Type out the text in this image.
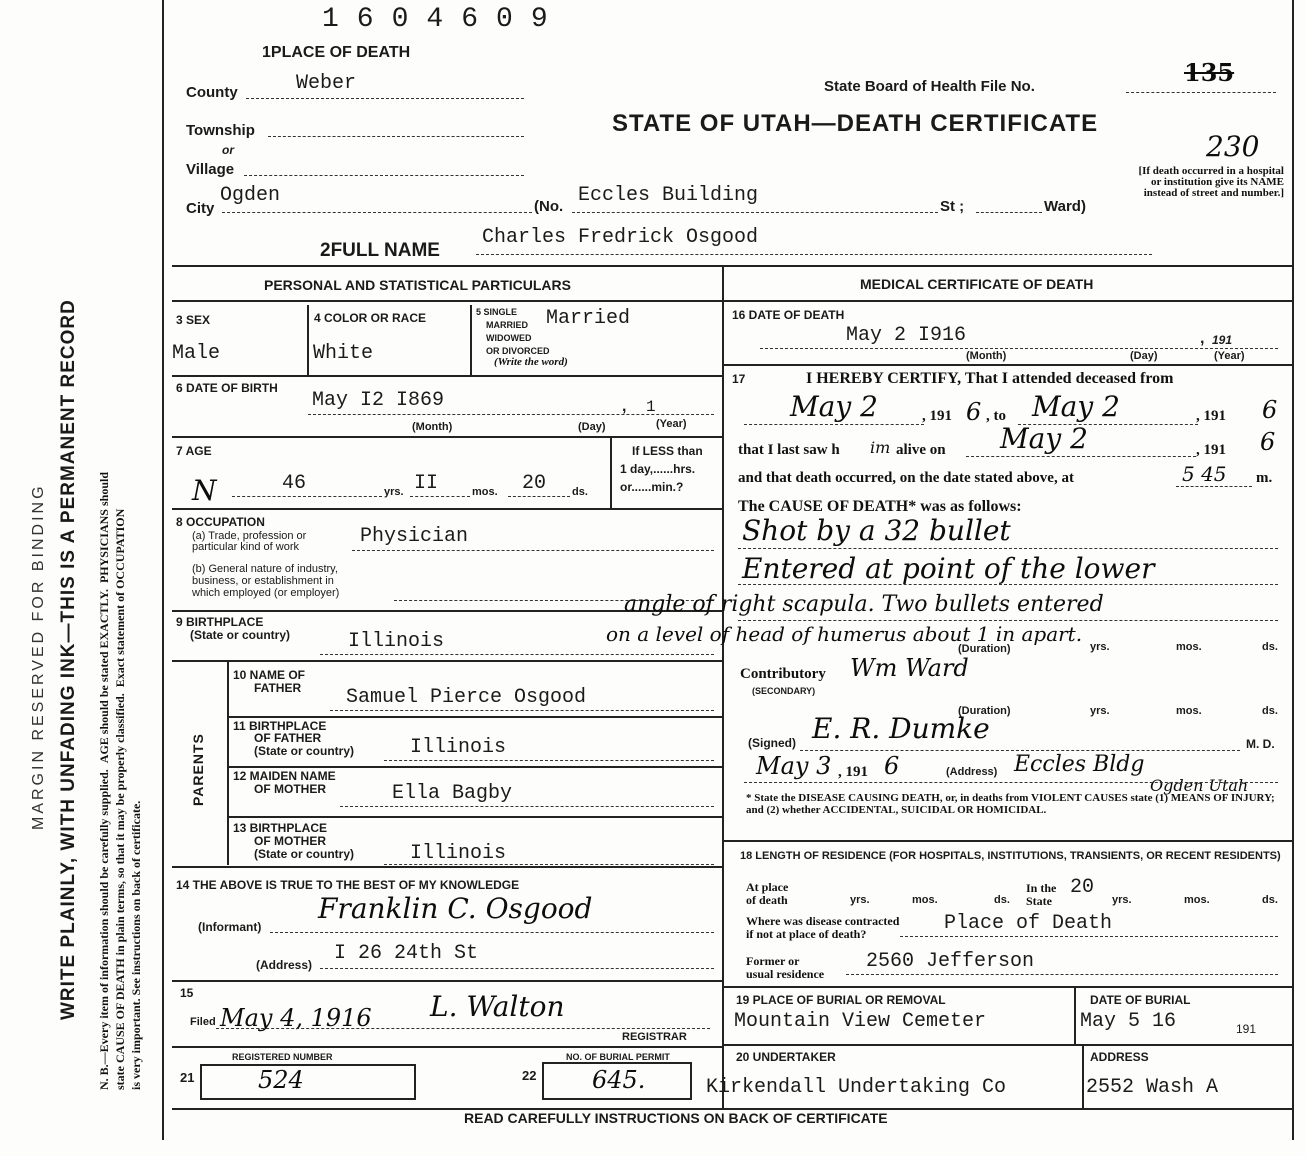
MARGIN RESERVED FOR BINDING WRITE PLAINLY, WITH UNFADING INK—THIS IS A PERMANENT RECORD N. B.—Every item of information should be carefully supplied.  AGE should be stated EXACTLY.  PHYSICIANS should
state CAUSE OF DEATH in plain terms, so that it may be properly classified.  Exact statement of OCCUPATION
is very important. See instructions on back of certificate.
1604609
1PLACE OF DEATH
County	Weber
Township
or
Village
City
Ogden	(No. Eccles Building	St ;	Ward)
State Board of Health File No.	135
STATE OF UTAH—DEATH CERTIFICATE
230
[If death occurred in a hospital or institution give its NAME instead of street and number.]
2FULL NAME
Charles Fredrick Osgood
PERSONAL AND STATISTICAL PARTICULARS	MEDICAL CERTIFICATE OF DEATH
3 SEX
Male
4 COLOR OR RACE
White
5 SINGLE
MARRIED Married
WIDOWED
OR DIVORCED
(Write the word)
6 DATE OF BIRTH
May I2 I869	, 1
(Month)	(Day)	(Year)
7 AGE
N	46	yrs. II	mos. 20 ds.
If LESS than
1 day,......hrs.
or......min.?
8 OCCUPATION
(a) Trade, profession or particular kind of work	Physician
(b) General nature of industry,
business, or establishment in
which employed (or employer)
9 BIRTHPLACE
(State or country)	Illinois
PARENTS
10 NAME OF
FATHER Samuel Pierce Osgood
11 BIRTHPLACE
OF FATHER
(State or country)	Illinois
12 MAIDEN NAME
OF MOTHER	Ella Bagby
13 BIRTHPLACE
OF MOTHER
(State or country)	Illinois
14 THE ABOVE IS TRUE TO THE BEST OF MY KNOWLEDGE
(Informant)
Franklin C. Osgood
(Address) I 26 24th St
15
Filed May 4, 1916 L. Walton
REGISTRAR
REGISTERED NUMBER
21	524
NO. OF BURIAL PERMIT
22 645.
16 DATE OF DEATH
May 2 I916	, 191
(Month)	(Day)	(Year)
17	I HEREBY CERTIFY, That I attended deceased from
May 2	, 191 6 , to May 2	, 191 6
that I last saw h im alive on May 2	, 191 6
and that death occurred, on the date stated above, at	5 45 m.
The CAUSE OF DEATH* was as follows:
Shot by a 32 bullet
Entered at point of the lower
angle of right scapula. Two bullets entered
on a level of head of humerus about 1 in apart.
(Duration)	yrs.	mos.	ds.
Contributory Wm Ward
(SECONDARY)
(Duration)	yrs.	mos.	ds.
(Signed) E. R. Dumke	M. D.
May 3 , 191 6	(Address) Eccles Bldg
Ogden Utah
* State the DISEASE CAUSING DEATH, or, in deaths from VIOLENT CAUSES state (1) MEANS OF INJURY; and (2) whether ACCIDENTAL, SUICIDAL OR HOMICIDAL.
18 LENGTH OF RESIDENCE (FOR HOSPITALS, INSTITUTIONS, TRANSIENTS, OR RECENT RESIDENTS)
At place
of death	yrs.	mos.	ds.
In the
State
20
yrs.	mos.	ds.
Where was disease contracted
if not at place of death?	Place of Death
Former or
usual residence
2560 Jefferson
19 PLACE OF BURIAL OR REMOVAL
Mountain View Cemeter
DATE OF BURIAL
May 5 16	191
20 UNDERTAKER
Kirkendall Undertaking Co
ADDRESS
2552 Wash A
READ CAREFULLY INSTRUCTIONS ON BACK OF CERTIFICATE
